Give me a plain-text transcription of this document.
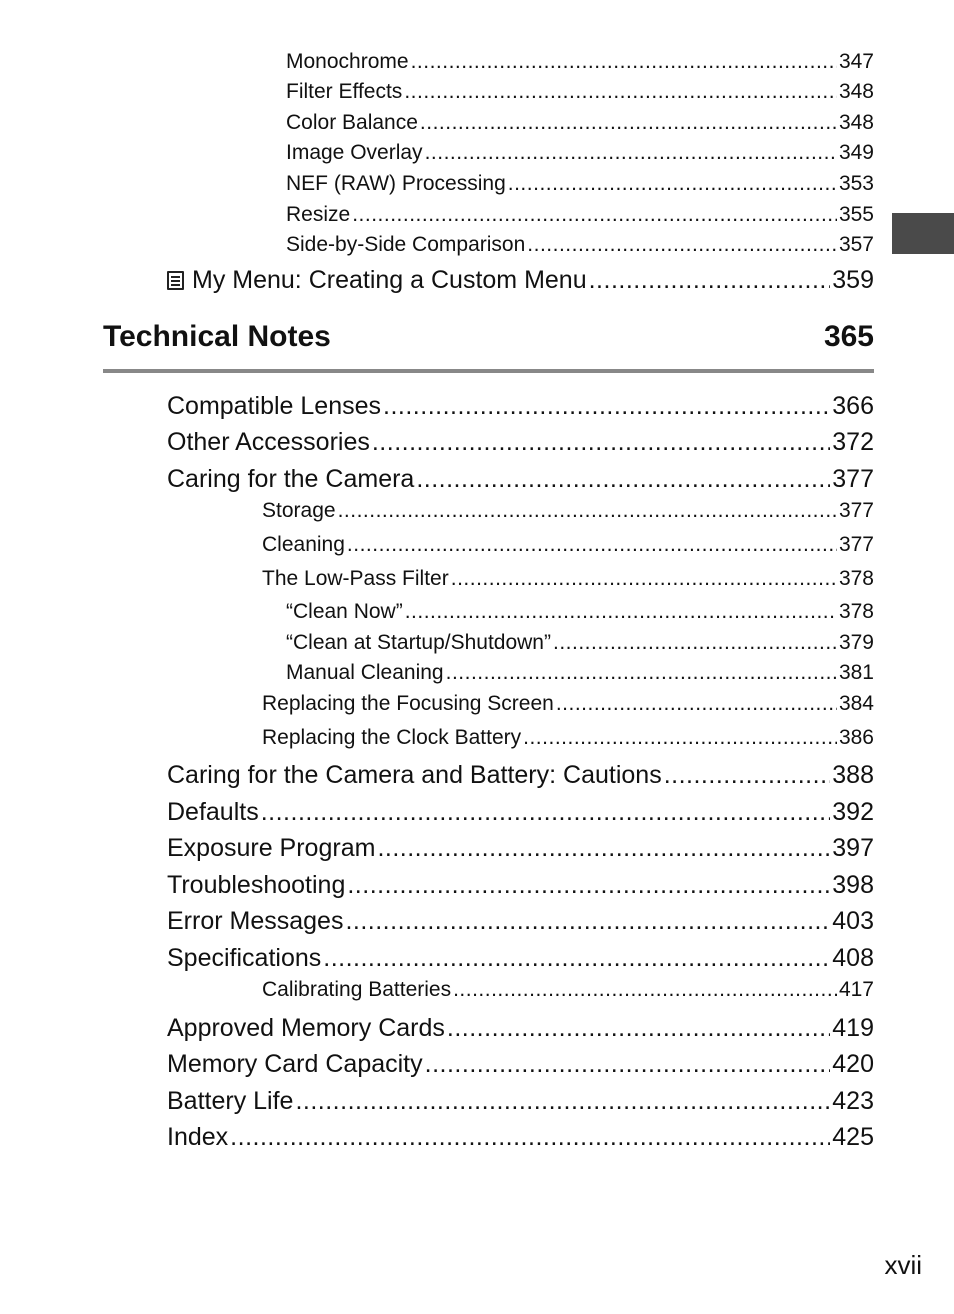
Monochrome .....	347
Filter Effects .....	348
Color Balance .....	348
Image Overlay .....	349
NEF (RAW) Processing .....	353
Resize .....	355
Side-by-Side Comparison .....	357
My Menu: Creating a Custom Menu .....	359
Technical Notes	365
Compatible Lenses .....	366
Other Accessories .....	372
Caring for the Camera .....	377
Storage .....	377
Cleaning .....	377
The Low-Pass Filter .....	378
“Clean Now” .....	378
“Clean at Startup/Shutdown” .....	379
Manual Cleaning .....	381
Replacing the Focusing Screen .....	384
Replacing the Clock Battery .....	386
Caring for the Camera and Battery: Cautions .....	388
Defaults .....	392
Exposure Program .....	397
Troubleshooting .....	398
Error Messages .....	403
Specifications .....	408
Calibrating Batteries .....	417
Approved Memory Cards .....	419
Memory Card Capacity .....	420
Battery Life .....	423
Index .....	425
xvii
